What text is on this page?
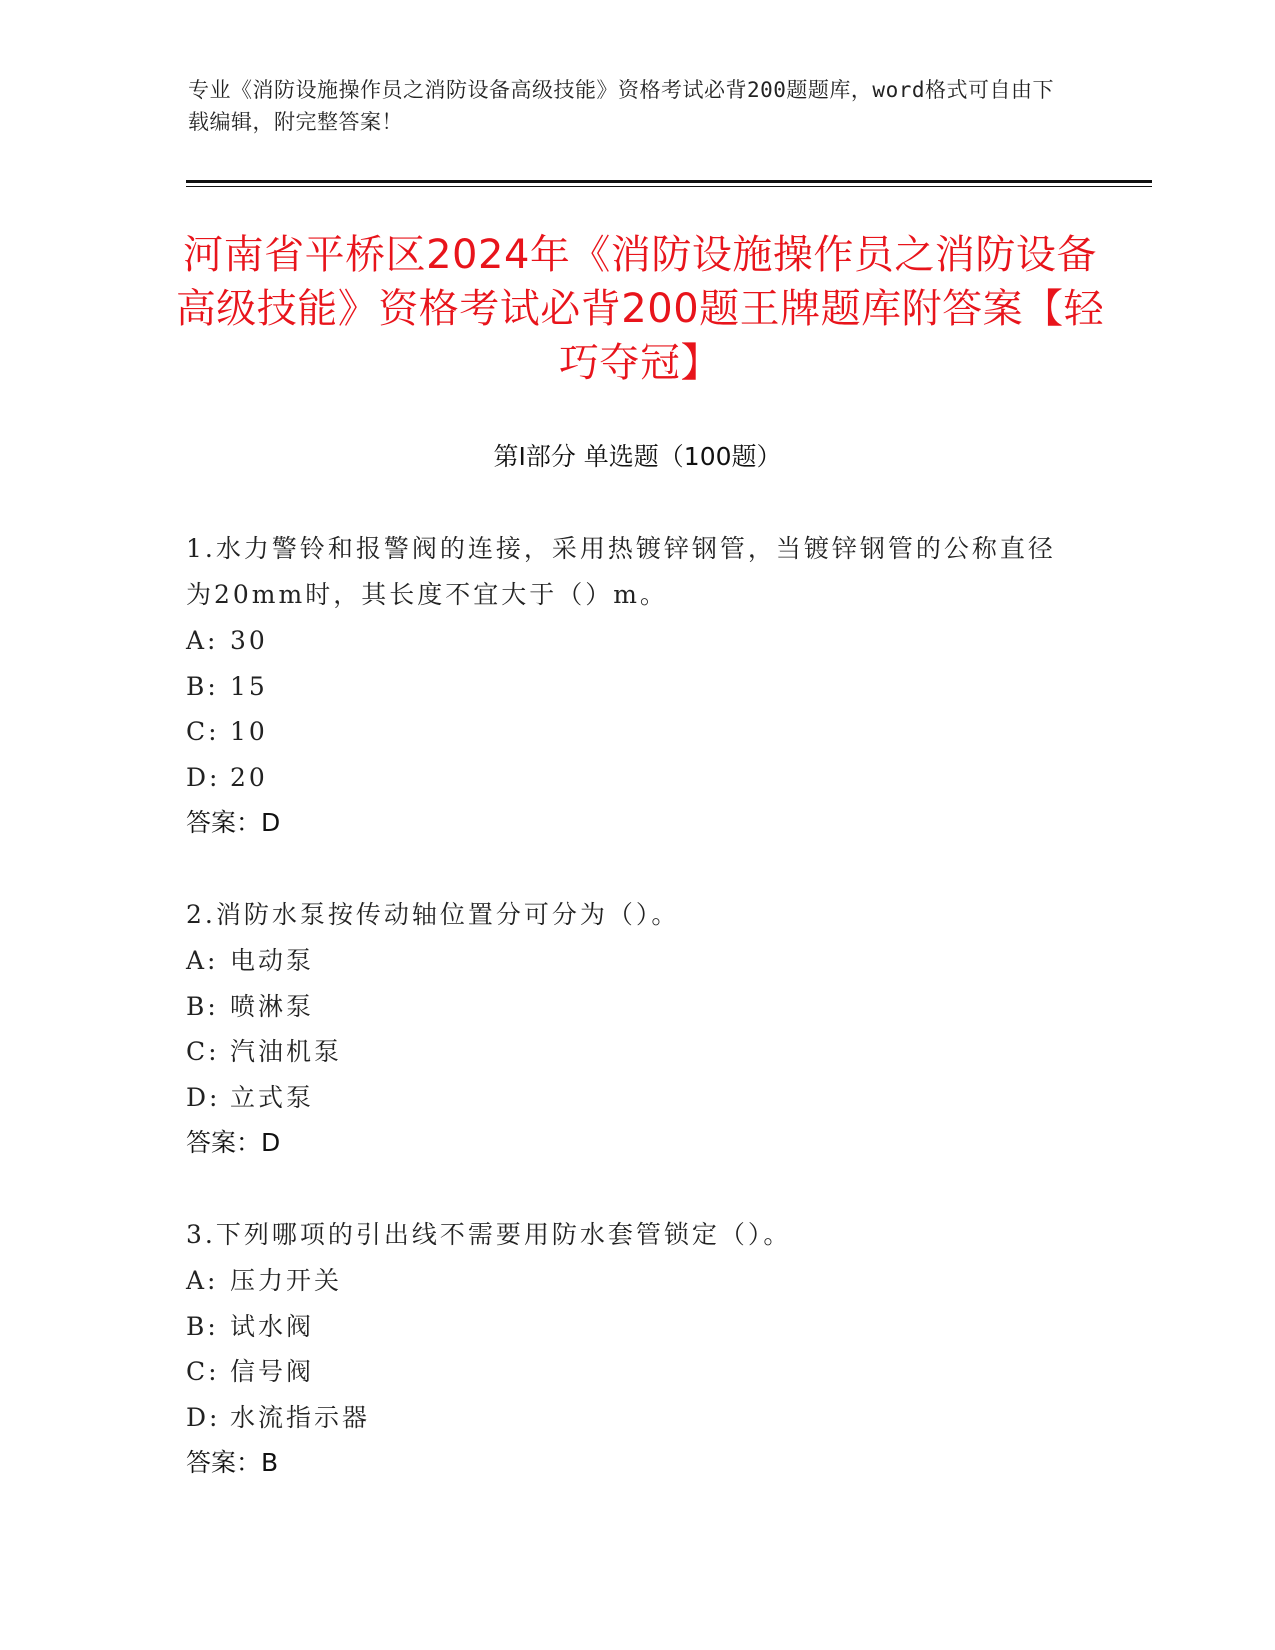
专业《消防设施操作员之消防设备高级技能》资格考试必背200题题库，word格式可自由下载编辑，附完整答案！
河南省平桥区2024年《消防设施操作员之消防设备高级技能》资格考试必背200题王牌题库附答案【轻巧夺冠】
第I部分 单选题（100题）
1.水力警铃和报警阀的连接，采用热镀锌钢管，当镀锌钢管的公称直径为20mm时，其长度不宜大于（）m。
A: 30
B: 15
C: 10
D: 20
答案：D
2.消防水泵按传动轴位置分可分为（）。
A: 电动泵
B: 喷淋泵
C: 汽油机泵
D: 立式泵
答案：D
3.下列哪项的引出线不需要用防水套管锁定（）。
A: 压力开关
B: 试水阀
C: 信号阀
D: 水流指示器
答案：B
